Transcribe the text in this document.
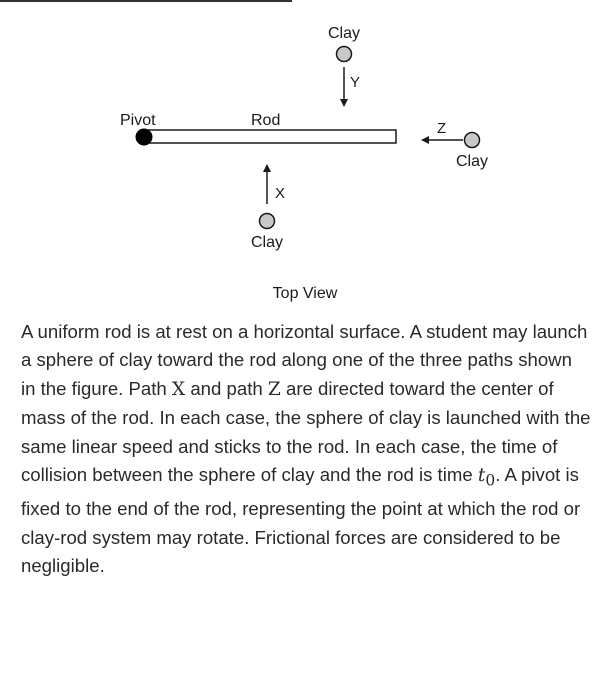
Clay
Y
Pivot	Rod	Z
Clay
X
Clay
Top View

A uniform rod is at rest on a horizontal surface. A student may launch a sphere of clay toward the rod along one of the three paths shown in the figure. Path X and path Z are directed toward the center of mass of the rod. In each case, the sphere of clay is launched with the same linear speed and sticks to the rod. In each case, the time of collision between the sphere of clay and the rod is time $t_0$. A pivot is fixed to the end of the rod, representing the point at which the rod or clay-rod system may rotate. Frictional forces are considered to be negligible.
